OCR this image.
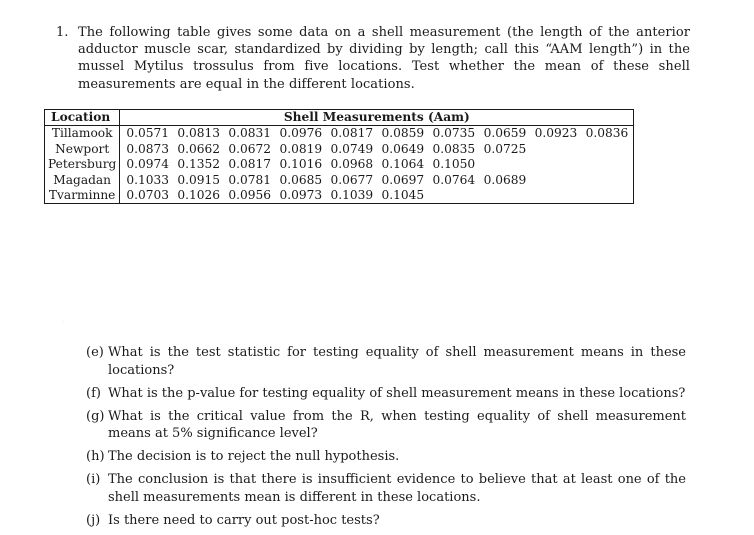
1. The following table gives some data on a shell measurement (the length of the anterior adductor muscle scar, standardized by dividing by length; call this “AAM length”) in the mussel Mytilus trossulus from five locations. Test whether the mean of these shell measurements are equal in the different locations.
Location	Shell Measurements (Aam)									
Tillamook	0.0571	0.0813	0.0831	0.0976	0.0817	0.0859	0.0735	0.0659	0.0923	0.0836
Newport	0.0873	0.0662	0.0672	0.0819	0.0749	0.0649	0.0835	0.0725		
Petersburg	0.0974	0.1352	0.0817	0.1016	0.0968	0.1064	0.1050			
Magadan	0.1033	0.0915	0.0781	0.0685	0.0677	0.0697	0.0764	0.0689		
Tvarminne	0.0703	0.1026	0.0956	0.0973	0.1039	0.1045				
·
(e) What is the test statistic for testing equality of shell measurement means in these locations?
(f) What is the p-value for testing equality of shell measurement means in these locations?
(g) What is the critical value from the R, when testing equality of shell measurement means at 5% significance level?
(h) The decision is to reject the null hypothesis.
(i) The conclusion is that there is insufficient evidence to believe that at least one of the shell measurements mean is different in these locations.
(j) Is there need to carry out post-hoc tests?
